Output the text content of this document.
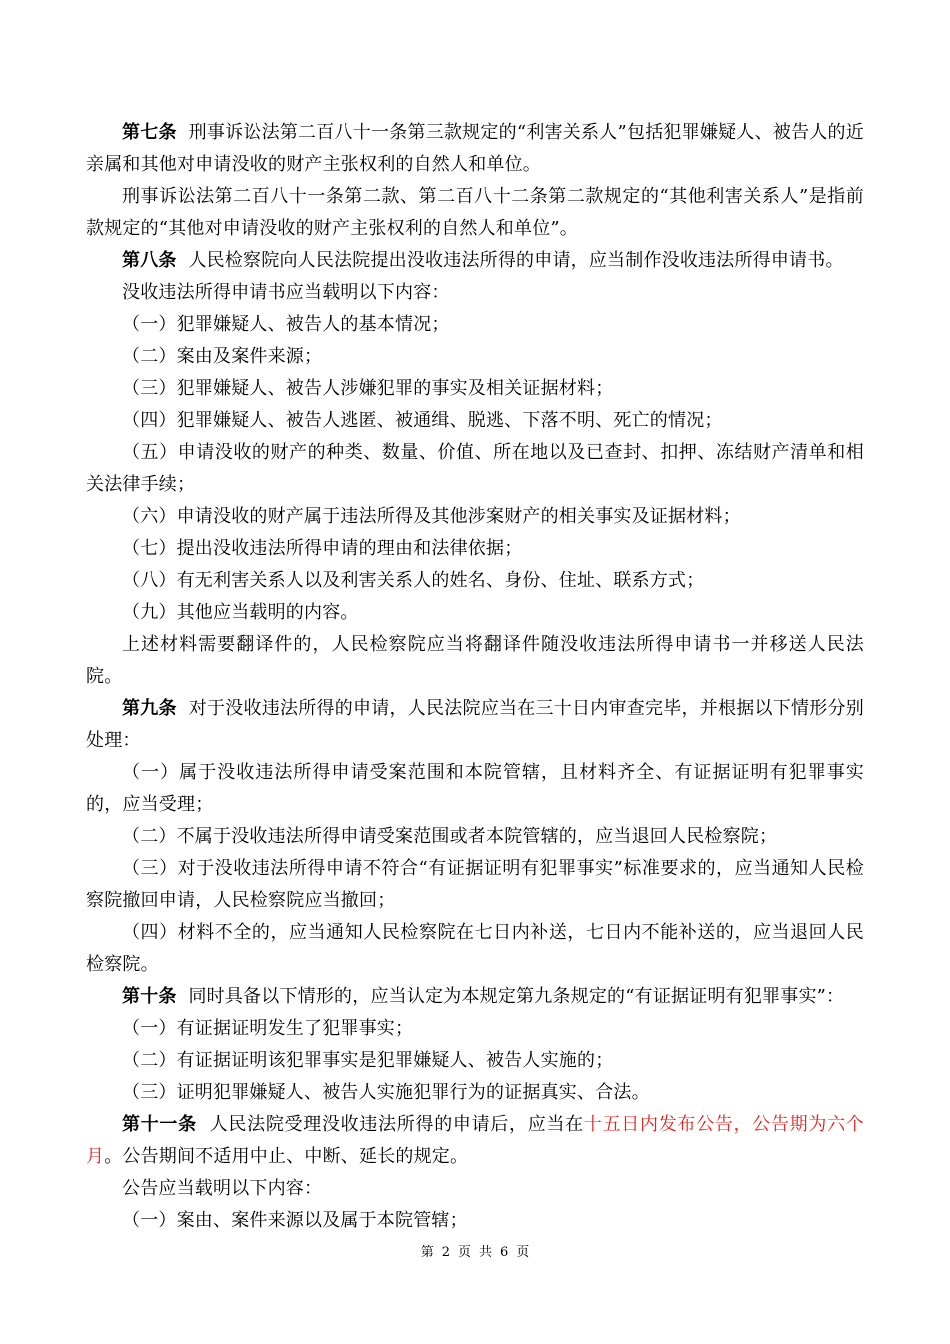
第七条 刑事诉讼法第二百八十一条第三款规定的“利害关系人”包括犯罪嫌疑人、被告人的近亲属和其他对申请没收的财产主张权利的自然人和单位。

刑事诉讼法第二百八十一条第二款、第二百八十二条第二款规定的“其他利害关系人”是指前款规定的“其他对申请没收的财产主张权利的自然人和单位”。

第八条 人民检察院向人民法院提出没收违法所得的申请，应当制作没收违法所得申请书。

没收违法所得申请书应当载明以下内容：

（一）犯罪嫌疑人、被告人的基本情况；

（二）案由及案件来源；

（三）犯罪嫌疑人、被告人涉嫌犯罪的事实及相关证据材料；

（四）犯罪嫌疑人、被告人逃匿、被通缉、脱逃、下落不明、死亡的情况；

（五）申请没收的财产的种类、数量、价值、所在地以及已查封、扣押、冻结财产清单和相关法律手续；

（六）申请没收的财产属于违法所得及其他涉案财产的相关事实及证据材料；

（七）提出没收违法所得申请的理由和法律依据；

（八）有无利害关系人以及利害关系人的姓名、身份、住址、联系方式；

（九）其他应当载明的内容。

上述材料需要翻译件的，人民检察院应当将翻译件随没收违法所得申请书一并移送人民法院。

第九条 对于没收违法所得的申请，人民法院应当在三十日内审查完毕，并根据以下情形分别处理：

（一）属于没收违法所得申请受案范围和本院管辖，且材料齐全、有证据证明有犯罪事实的，应当受理；

（二）不属于没收违法所得申请受案范围或者本院管辖的，应当退回人民检察院；

（三）对于没收违法所得申请不符合“有证据证明有犯罪事实”标准要求的，应当通知人民检察院撤回申请，人民检察院应当撤回；

（四）材料不全的，应当通知人民检察院在七日内补送，七日内不能补送的，应当退回人民检察院。

第十条 同时具备以下情形的，应当认定为本规定第九条规定的“有证据证明有犯罪事实”：

（一）有证据证明发生了犯罪事实；

（二）有证据证明该犯罪事实是犯罪嫌疑人、被告人实施的；

（三）证明犯罪嫌疑人、被告人实施犯罪行为的证据真实、合法。

第十一条 人民法院受理没收违法所得的申请后，应当在十五日内发布公告，公告期为六个月。公告期间不适用中止、中断、延长的规定。

公告应当载明以下内容：

（一）案由、案件来源以及属于本院管辖；

第 2 页 共 6 页
